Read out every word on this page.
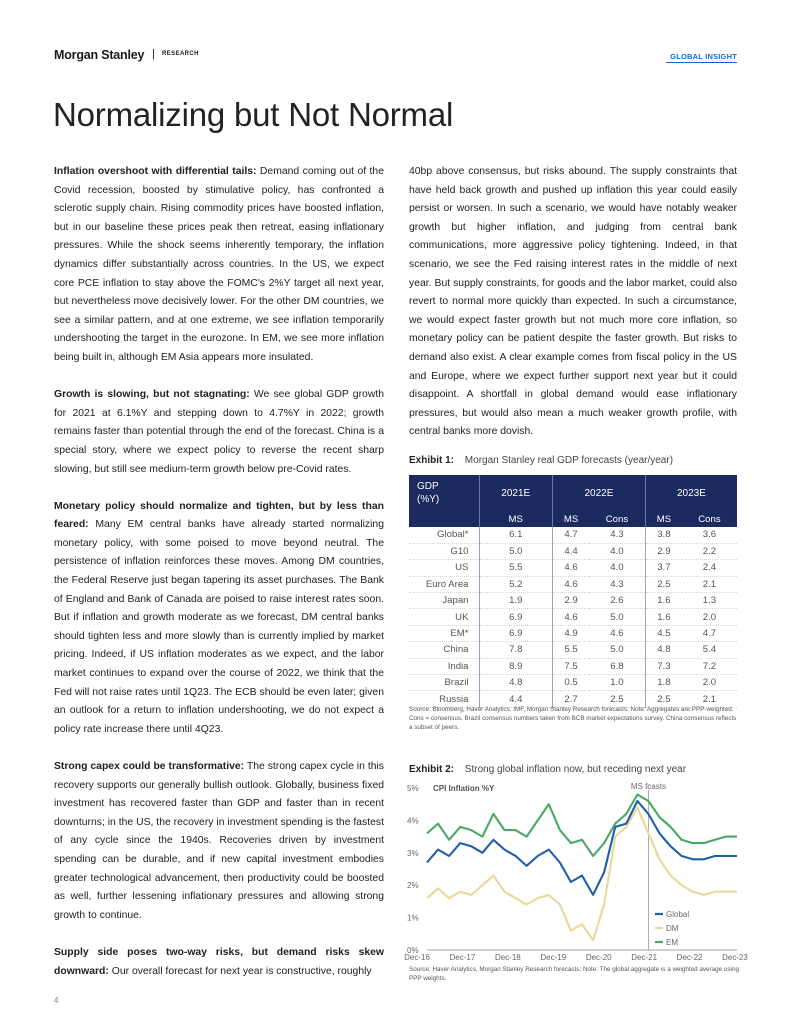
Morgan Stanley | RESEARCH	GLOBAL INSIGHT
Normalizing but Not Normal

Inflation overshoot with differential tails: Demand coming out of the Covid recession, boosted by stimulative policy, has confronted a sclerotic supply chain. Rising commodity prices have boosted inflation, but in our baseline these prices peak then retreat, easing inflationary pressures. While the shock seems inherently temporary, the inflation dynamics differ substantially across countries. In the US, we expect core PCE inflation to stay above the FOMC's 2%Y target all next year, but nevertheless move decisively lower. For the other DM countries, we see a similar pattern, and at one extreme, we see inflation temporarily undershooting the target in the eurozone. In EM, we see more inflation being built in, although EM Asia appears more insulated.

Growth is slowing, but not stagnating: We see global GDP growth for 2021 at 6.1%Y and stepping down to 4.7%Y in 2022; growth remains faster than potential through the end of the forecast. China is a special story, where we expect policy to reverse the recent sharp slowing, but still see medium-term growth below pre-Covid rates.

Monetary policy should normalize and tighten, but by less than feared: Many EM central banks have already started normalizing monetary policy, with some poised to move beyond neutral. The persistence of inflation reinforces these moves. Among DM countries, the Federal Reserve just began tapering its asset purchases. The Bank of England and Bank of Canada are poised to raise interest rates soon. But if inflation and growth moderate as we forecast, DM central banks should tighten less and more slowly than is currently implied by market pricing. Indeed, if US inflation moderates as we expect, and the labor market continues to expand over the course of 2022, we think that the Fed will not raise rates until 1Q23. The ECB should be even later; given an outlook for a return to inflation undershooting, we do not expect a policy rate increase there until 4Q23.

Strong capex could be transformative: The strong capex cycle in this recovery supports our generally bullish outlook. Globally, business fixed investment has recovered faster than GDP and faster than in recent downturns; in the US, the recovery in investment spending is the fastest of any cycle since the 1940s. Recoveries driven by investment spending can be durable, and if new capital investment embodies greater technological advancement, then productivity could be boosted as well, further lessening inflationary pressures and allowing strong growth to continue.

Supply side poses two-way risks, but demand risks skew downward: Our overall forecast for next year is constructive, roughly

40bp above consensus, but risks abound. The supply constraints that have held back growth and pushed up inflation this year could easily persist or worsen. In such a scenario, we would have notably weaker growth but higher inflation, and judging from central bank communications, more aggressive policy tightening. Indeed, in that scenario, we see the Fed raising interest rates in the middle of next year. But supply constraints, for goods and the labor market, could also revert to normal more quickly than expected. In such a circumstance, we would expect faster growth but not much more core inflation, so monetary policy can be patient despite the faster growth. But risks to demand also exist. A clear example comes from fiscal policy in the US and Europe, where we expect further support next year but it could disappoint. A shortfall in global demand would ease inflationary pressures, but would also mean a much weaker growth profile, with central banks more dovish.

Exhibit 1: Morgan Stanley real GDP forecasts (year/year)
GDP
(%Y)	2021E	2022E		2023E	
	MS	MS	Cons	MS	Cons
Global*	6.1	4.7	4.3	3.8	3.6
G10	5.0	4.4	4.0	2.9	2.2
US	5.5	4.6	4.0	3.7	2.4
Euro Area	5.2	4.6	4.3	2.5	2.1
Japan	1.9	2.9	2.6	1.6	1.3
UK	6.9	4.6	5.0	1.6	2.0
EM*	6.9	4.9	4.6	4.5	4.7
China	7.8	5.5	5.0	4.8	5.4
India	8.9	7.5	6.8	7.3	7.2
Brazil	4.8	0.5	1.0	1.8	2.0
Russia	4.4	2.7	2.5	2.5	2.1
Source: Bloomberg, Haver Analytics, IMF, Morgan Stanley Research forecasts; Note: Aggregates are PPP-weighted. Cons = consensus. Brazil consensus numbers taken from BCB market expectations survey. China consensus reflects a subset of peers.
Exhibit 2: Strong global inflation now, but receding next year
0%
1%
2%
3%
4%
5%
Dec-16 Dec-17 Dec-18 Dec-19 Dec-20 Dec-21 Dec-22 Dec-23
MS fcasts
CPI Inflation %Y
Global
DM
EM
Source: Haver Analytics, Morgan Stanley Research forecasts; Note: The global aggregate is a weighted average using PPP weights.
4
